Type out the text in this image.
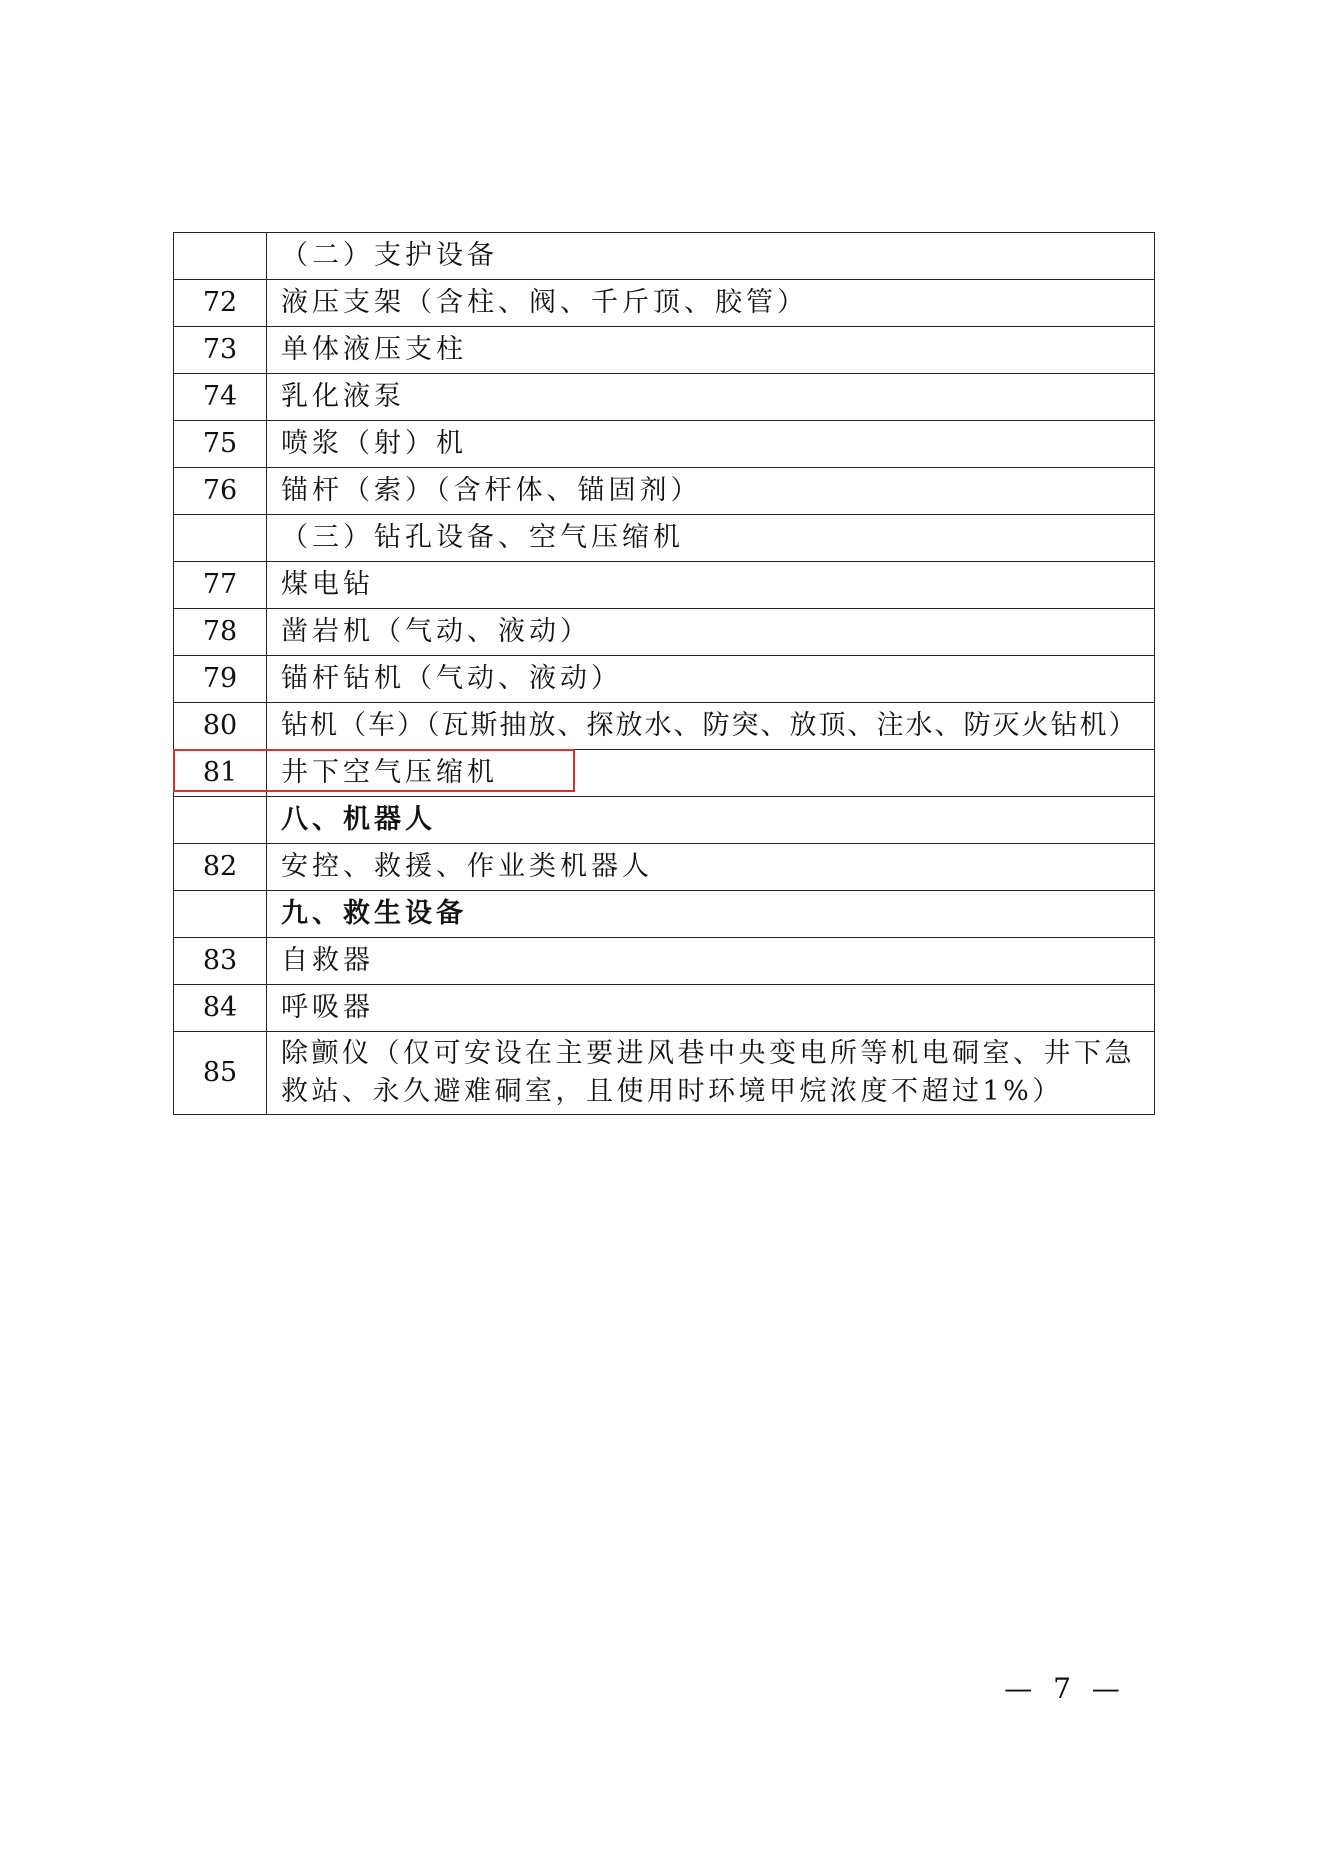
	（二）支护设备
72	液压支架（含柱、阀、千斤顶、胶管）
73	单体液压支柱
74	乳化液泵
75	喷浆（射）机
76	锚杆（索）（含杆体、锚固剂）
	（三）钻孔设备、空气压缩机
77	煤电钻
78	凿岩机（气动、液动）
79	锚杆钻机（气动、液动）
80	钻机（车）（瓦斯抽放、探放水、防突、放顶、注水、防灭火钻机）
81	井下空气压缩机
	八、机器人
82	安控、救援、作业类机器人
	九、救生设备
83	自救器
84	呼吸器
85	除颤仪（仅可安设在主要进风巷中央变电所等机电硐室、井下急救站、永久避难硐室，且使用时环境甲烷浓度不超过1%）
— 7 —
